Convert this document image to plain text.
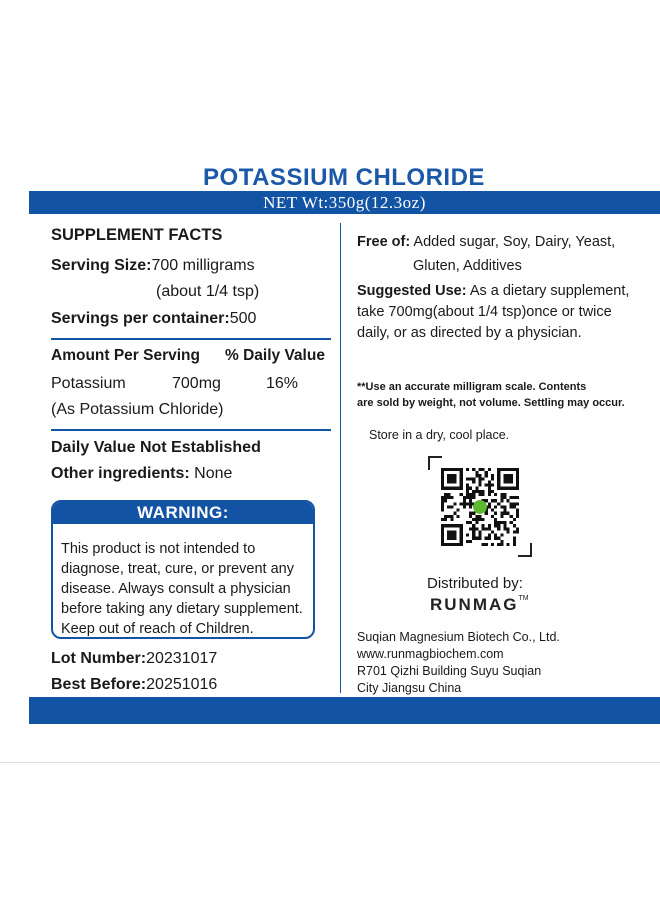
POTASSIUM CHLORIDE
NET Wt:350g(12.3oz)
SUPPLEMENT FACTS
Serving Size:700 milligrams
(about 1/4 tsp)
Servings per container:500
Amount Per Serving % Daily Value
Potassium	700mg	16%
(As Potassium Chloride)
Daily Value Not Established
Other ingredients: None
WARNING:
This product is not intended to diagnose, treat, cure, or prevent any disease. Always consult a physician before taking any dietary supplement. Keep out of reach of Children.
Lot Number:20231017
Best Before:20251016
Free of: Added sugar, Soy, Dairy, Yeast,
Gluten, Additives
Suggested Use: As a dietary supplement,
take 700mg(about 1/4 tsp)once or twice
daily, or as directed by a physician.
**Use an accurate milligram scale. Contents
are sold by weight, not volume. Settling may occur.
Store in a dry, cool place.
Distributed by:
RUNMAG™
Suqian Magnesium Biotech Co., Ltd.
www.runmagbiochem.com
R701 Qizhi Building Suyu Suqian
City Jiangsu China
